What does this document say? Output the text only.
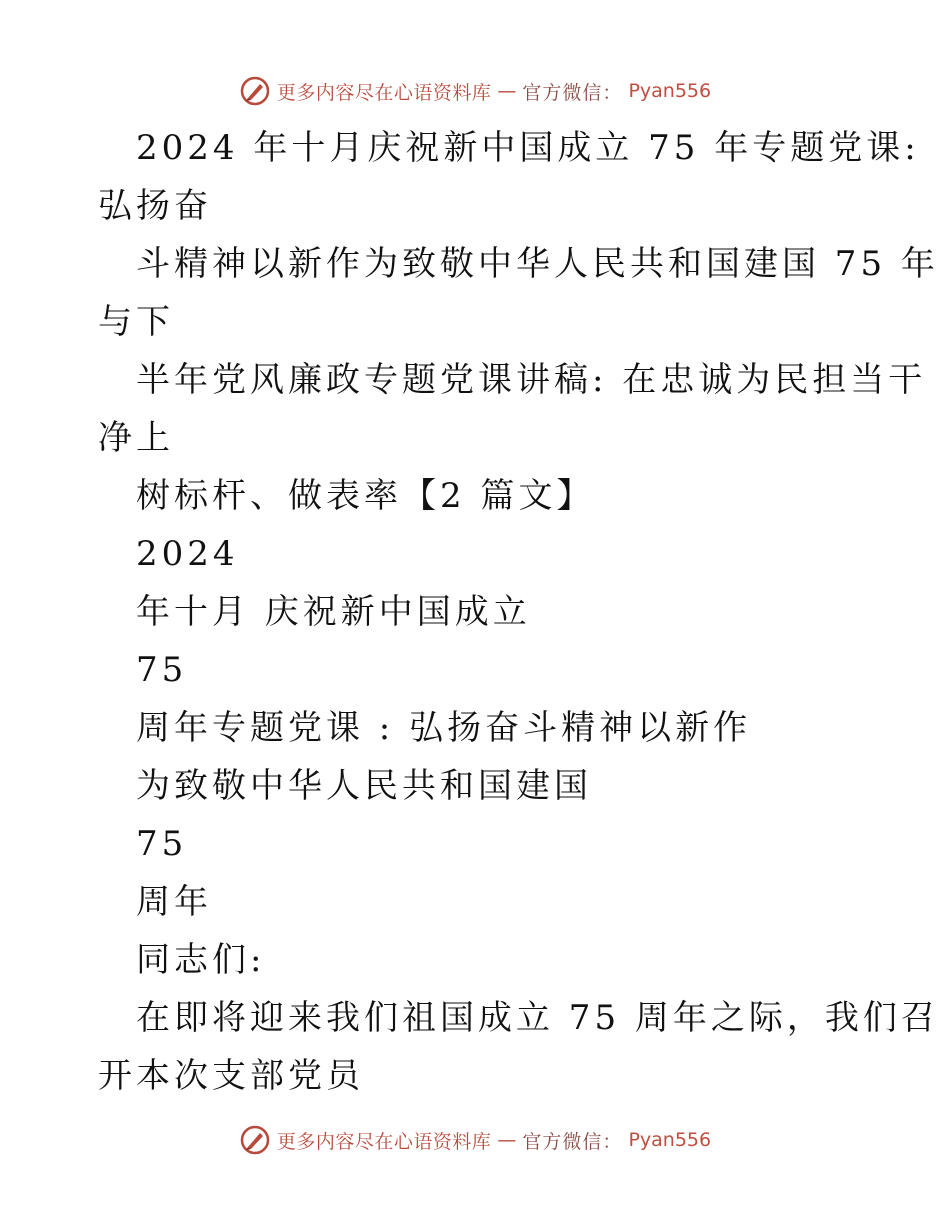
更多内容尽在心语资料库 — 官方微信： Pyan556
2024 年十月庆祝新中国成立 75 年专题党课:
弘扬奋
斗精神以新作为致敬中华人民共和国建国 75 年
与下
半年党风廉政专题党课讲稿: 在忠诚为民担当干
净上
树标杆、做表率【2 篇文】
2024
年十月 庆祝新中国成立
75
周年专题党课 : 弘扬奋斗精神以新作
为致敬中华人民共和国建国
75
周年
同志们:
在即将迎来我们祖国成立 75 周年之际，我们召
开本次支部党员
更多内容尽在心语资料库 — 官方微信： Pyan556
